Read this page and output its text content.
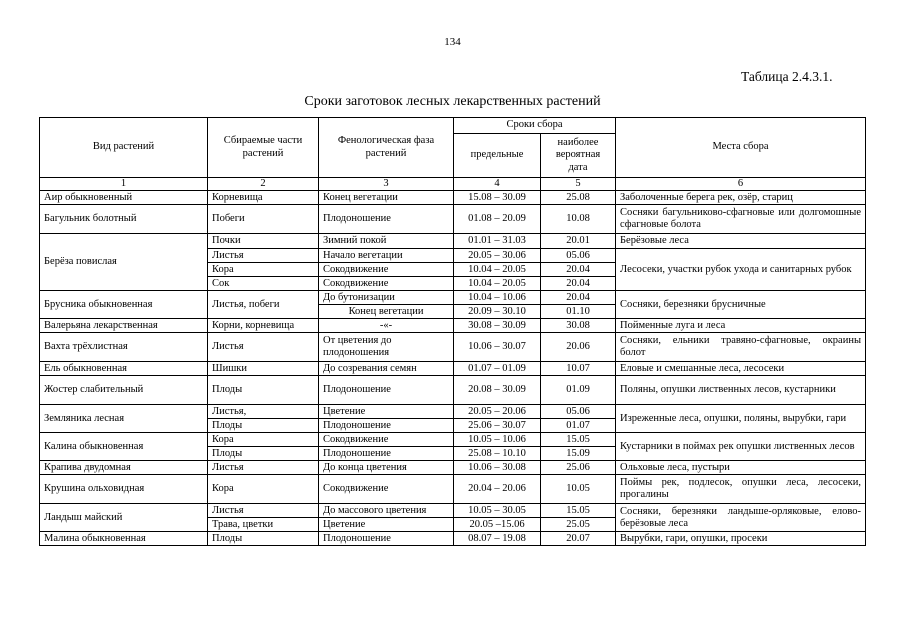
134
Таблица 2.4.3.1.
Сроки заготовок лесных лекарственных растений
Вид растений	Сбираемые части растений	Фенологическая фаза растений	Сроки сбора		Места сбора
			предельные	наиболее вероятная дата	
1	2	3	4	5	6
Аир обыкновенный	Корневища	Конец вегетации	15.08 – 30.09	25.08	Заболоченные берега рек, озёр, стариц
Багульник болотный	Побеги	Плодоношение	01.08 – 20.09	10.08	Сосняки багульниково-сфагновые или долгомошные сфагновые болота
Берёза повислая	Почки	Зимний покой	01.01 – 31.03	20.01	Берёзовые леса
	Листья	Начало вегетации	20.05 – 30.06	05.06	Лесосеки, участки рубок ухода и санитарных рубок
	Кора	Сокодвижение	10.04 – 20.05	20.04	
	Сок	Сокодвижение	10.04 – 20.05	20.04	
Брусника обыкновенная	Листья, побеги	До бутонизации	10.04 – 10.06	20.04	Сосняки, березняки брусничные
		Конец вегетации	20.09 – 30.10	01.10	
Валерьяна лекарственная	Корни, корневища	-«-	30.08 – 30.09	30.08	Пойменные луга и леса
Вахта трёхлистная	Листья	От цветения до плодоношения	10.06 – 30.07	20.06	Сосняки, ельники травяно-сфагновые, окраины болот
Ель обыкновенная	Шишки	До созревания семян	01.07 – 01.09	10.07	Еловые и смешанные леса, лесосеки
Жостер слабительный	Плоды	Плодоношение	20.08 – 30.09	01.09	Поляны, опушки лиственных лесов, кустарники
Земляника лесная	Листья,	Цветение	20.05 – 20.06	05.06	Изреженные леса, опушки, поляны, вырубки, гари
	Плоды	Плодоношение	25.06 – 30.07	01.07	
Калина обыкновенная	Кора	Сокодвижение	10.05 – 10.06	15.05	Кустарники в поймах рек опушки лиственных лесов
	Плоды	Плодоношение	25.08 – 10.10	15.09	
Крапива двудомная	Листья	До конца цветения	10.06 – 30.08	25.06	Ольховые леса, пустыри
Крушина ольховидная	Кора	Сокодвижение	20.04 – 20.06	10.05	Поймы рек, подлесок, опушки леса, лесосеки, прогалины
Ландыш майский	Листья	До массового цветения	10.05 – 30.05	15.05	Сосняки, березняки ландыше-орляковые, елово-берёзовые леса
	Трава, цветки	Цветение	20.05 –15.06	25.05	
Малина обыкновенная	Плоды	Плодоношение	08.07 – 19.08	20.07	Вырубки, гари, опушки, просеки
